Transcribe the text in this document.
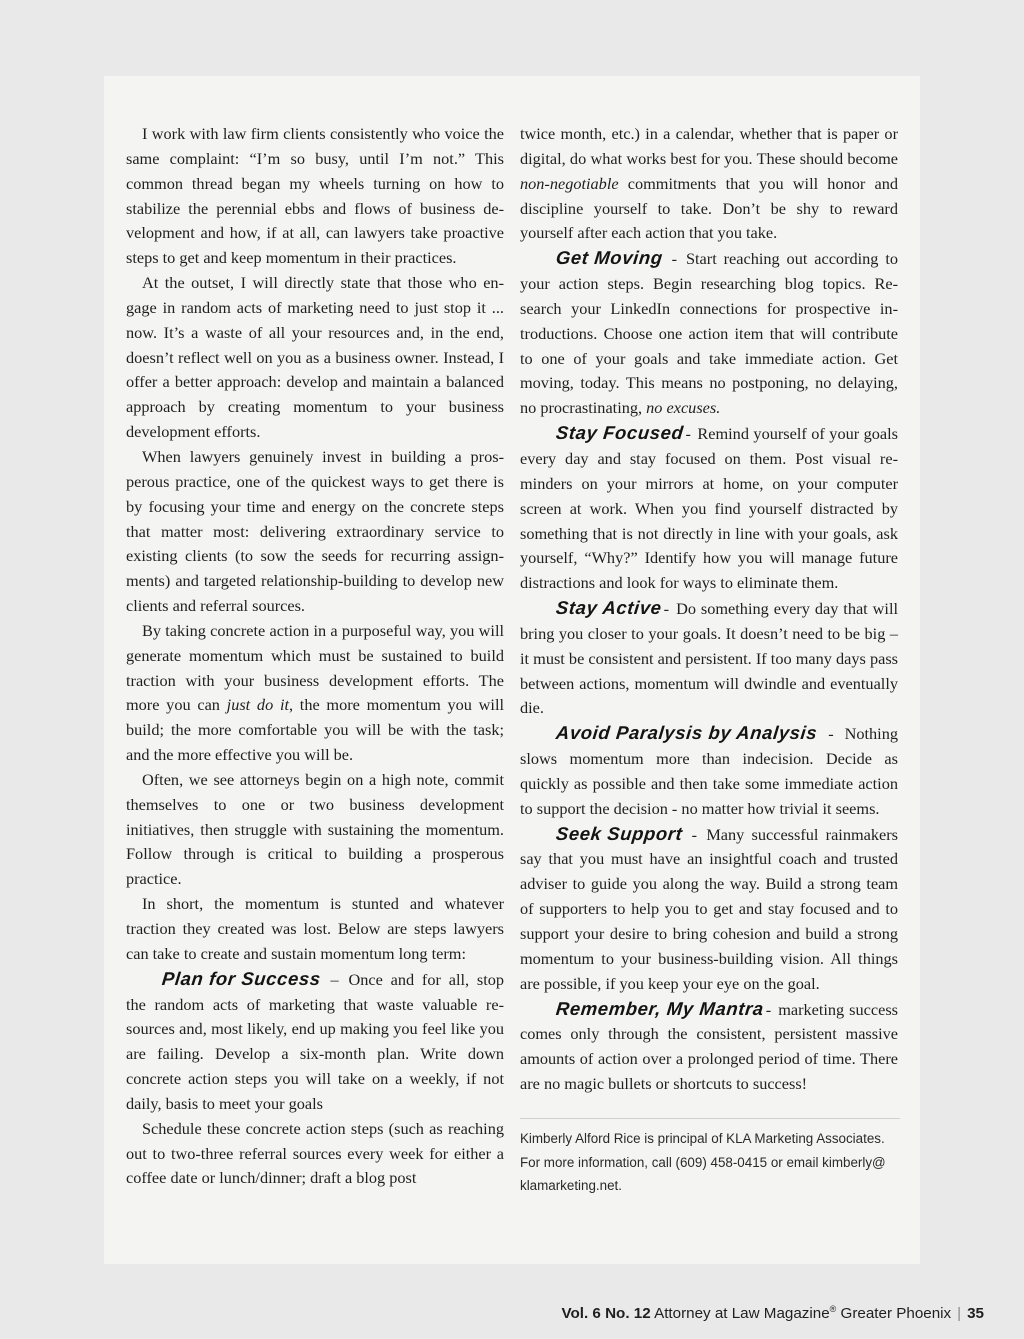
I work with law firm clients consistently who voice the same complaint: “I’m so busy, until I’m not.” This common thread began my wheels turning on how to stabilize the perennial ebbs and flows of business development and how, if at all, can lawyers take proactive steps to get and keep momentum in their practices.

At the outset, I will directly state that those who engage in random acts of marketing need to just stop it ... now. It’s a waste of all your resources and, in the end, doesn’t reflect well on you as a business owner. Instead, I offer a better approach: develop and maintain a balanced approach by creating momentum to your business development efforts.

When lawyers genuinely invest in building a prosperous practice, one of the quickest ways to get there is by focusing your time and energy on the concrete steps that matter most: delivering extraordinary service to existing clients (to sow the seeds for recurring assignments) and targeted relationship-building to develop new clients and referral sources.

By taking concrete action in a purposeful way, you will generate momentum which must be sustained to build traction with your business development efforts. The more you can just do it, the more momentum you will build; the more comfortable you will be with the task; and the more effective you will be.

Often, we see attorneys begin on a high note, commit themselves to one or two business development initiatives, then struggle with sustaining the momentum. Follow through is critical to building a prosperous practice.

In short, the momentum is stunted and whatever traction they created was lost. Below are steps lawyers can take to create and sustain momentum long term:

Plan for Success – Once and for all, stop the random acts of marketing that waste valuable resources and, most likely, end up making you feel like you are failing. Develop a six-month plan. Write down concrete action steps you will take on a weekly, if not daily, basis to meet your goals

Schedule these concrete action steps (such as reaching out to two-three referral sources every week for either a coffee date or lunch/dinner; draft a blog post

twice month, etc.) in a calendar, whether that is paper or digital, do what works best for you. These should become non-negotiable commitments that you will honor and discipline yourself to take. Don’t be shy to reward yourself after each action that you take.

Get Moving - Start reaching out according to your action steps. Begin researching blog topics. Research your LinkedIn connections for prospective introductions. Choose one action item that will contribute to one of your goals and take immediate action. Get moving, today. This means no postponing, no delaying, no procrastinating, no excuses.

Stay Focused- Remind yourself of your goals every day and stay focused on them. Post visual reminders on your mirrors at home, on your computer screen at work. When you find yourself distracted by something that is not directly in line with your goals, ask yourself, “Why?” Identify how you will manage future distractions and look for ways to eliminate them.

Stay Active- Do something every day that will bring you closer to your goals. It doesn’t need to be big – it must be consistent and persistent. If too many days pass between actions, momentum will dwindle and eventually die.

Avoid Paralysis by Analysis - Nothing slows momentum more than indecision. Decide as quickly as possible and then take some immediate action to support the decision - no matter how trivial it seems.

Seek Support - Many successful rainmakers say that you must have an insightful coach and trusted adviser to guide you along the way. Build a strong team of supporters to help you to get and stay focused and to support your desire to bring cohesion and build a strong momentum to your business-building vision. All things are possible, if you keep your eye on the goal.

Remember, My Mantra- marketing success comes only through the consistent, persistent massive amounts of action over a prolonged period of time. There are no magic bullets or shortcuts to success!

Kimberly Alford Rice is principal of KLA Marketing Associates. For more information, call (609) 458-0415 or email kimberly@ klamarketing.net.
Vol. 6 No. 12 Attorney at Law Magazine® Greater Phoenix | 35
